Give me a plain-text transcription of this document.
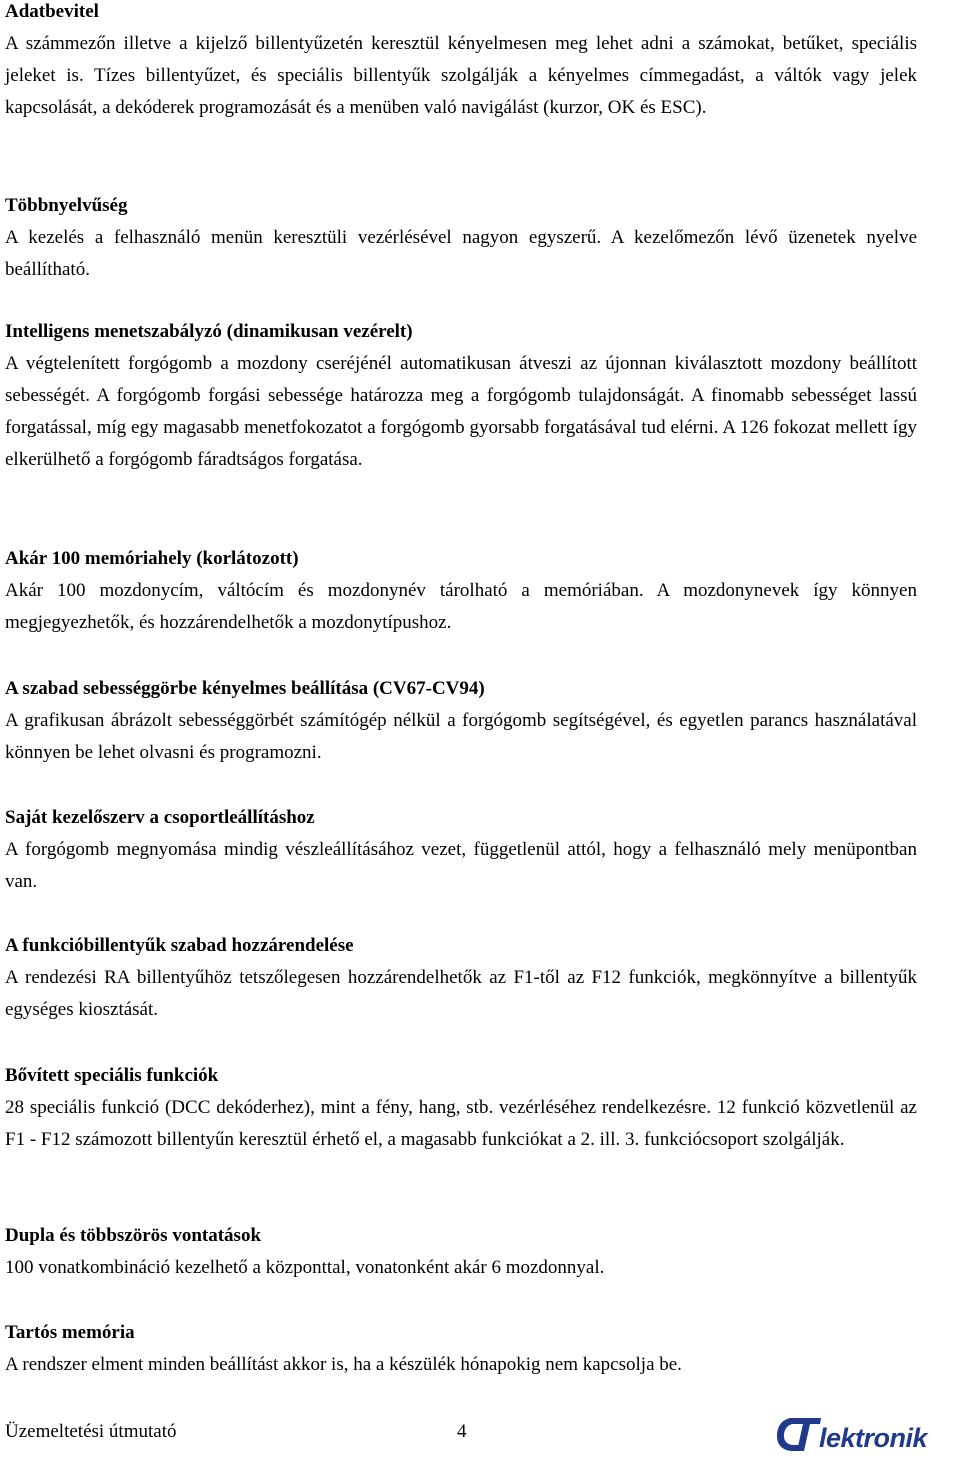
Adatbevitel

A számmezőn illetve a kijelző billentyűzetén keresztül kényelmesen meg lehet adni a számokat, betűket, speciális jeleket is. Tízes billentyűzet, és speciális billentyűk szolgálják a kényelmes címmegadást, a váltók vagy jelek kapcsolását, a dekóderek programozását és a menüben való navigálást (kurzor, OK és ESC).

Többnyelvűség

A kezelés a felhasználó menün keresztüli vezérlésével nagyon egyszerű. A kezelőmezőn lévő üzenetek nyelve beállítható.

Intelligens menetszabályzó (dinamikusan vezérelt)

A végtelenített forgógomb a mozdony cseréjénél automatikusan átveszi az újonnan kiválasztott mozdony beállított sebességét. A forgógomb forgási sebessége határozza meg a forgógomb tulajdonságát. A finomabb sebességet lassú forgatással, míg egy magasabb menetfokozatot a forgógomb gyorsabb forgatásával tud elérni. A 126 fokozat mellett így elkerülhető a forgógomb fáradtságos forgatása.

Akár 100 memóriahely (korlátozott)

Akár 100 mozdonycím, váltócím és mozdonynév tárolható a memóriában. A mozdonynevek így könnyen megjegyezhetők, és hozzárendelhetők a mozdonytípushoz.

A szabad sebességgörbe kényelmes beállítása (CV67-CV94)

A grafikusan ábrázolt sebességgörbét számítógép nélkül a forgógomb segítségével, és egyetlen parancs használatával könnyen be lehet olvasni és programozni.

Saját kezelőszerv a csoportleállításhoz

A forgógomb megnyomása mindig vészleállításához vezet, függetlenül attól, hogy a felhasználó mely menüpontban van.

A funkcióbillentyűk szabad hozzárendelése

A rendezési RA billentyűhöz tetszőlegesen hozzárendelhetők az F1-től az F12 funkciók, megkönnyítve a billentyűk egységes kiosztását.

Bővített speciális funkciók

28 speciális funkció (DCC dekóderhez), mint a fény, hang, stb. vezérléséhez rendelkezésre. 12 funkció közvetlenül az F1 - F12 számozott billentyűn keresztül érhető el, a magasabb funkciókat a 2. ill. 3. funkciócsoport szolgálják.

Dupla és többszörös vontatások

100 vonatkombináció kezelhető a központtal, vonatonként akár 6 mozdonnyal.

Tartós memória

A rendszer elment minden beállítást akkor is, ha a készülék hónapokig nem kapcsolja be.

Üzemeltetési útmutató	4	lektronik
